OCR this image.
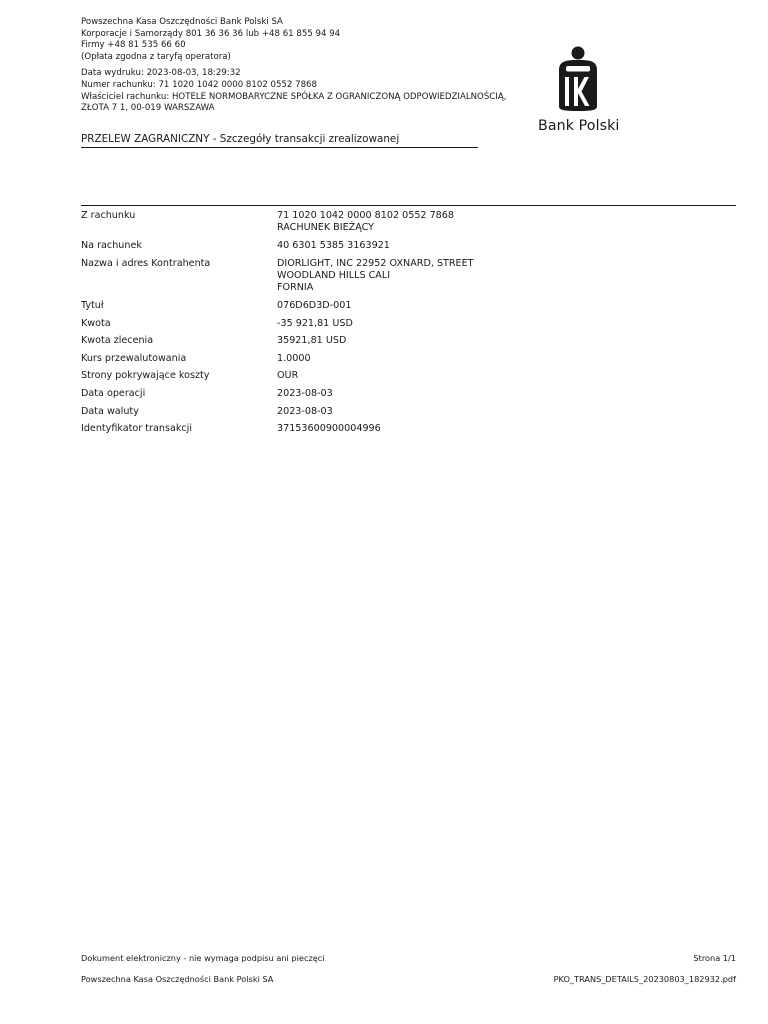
Powszechna Kasa Oszczędności Bank Polski SA
Korporacje i Samorządy 801 36 36 36 lub +48 61 855 94 94
Firmy +48 81 535 66 60
(Opłata zgodna z taryfą operatora)
Data wydruku: 2023-08-03, 18:29:32
Numer rachunku: 71 1020 1042 0000 8102 0552 7868
Właściciel rachunku: HOTELE NORMOBARYCZNE SPÓŁKA Z OGRANICZONĄ ODPOWIEDZIALNOŚCIĄ,
ZŁOTA 7 1, 00-019 WARSZAWA
Bank Polski
PRZELEW ZAGRANICZNY - Szczegóły transakcji zrealizowanej
Z rachunku	71 1020 1042 0000 8102 0552 7868
RACHUNEK BIEŻĄCY
Na rachunek	40 6301 5385 3163921
Nazwa i adres Kontrahenta	DIORLIGHT, INC 22952 OXNARD, STREET
WOODLAND HILLS CALI
FORNIA
Tytuł	076D6D3D-001
Kwota	-35 921,81 USD
Kwota zlecenia	35921,81 USD
Kurs przewalutowania	1.0000
Strony pokrywające koszty	OUR
Data operacji	2023-08-03
Data waluty	2023-08-03
Identyfikator transakcji	37153600900004996
Dokument elektroniczny - nie wymaga podpisu ani pieczęci	Strona 1/1
Powszechna Kasa Oszczędności Bank Polski SA	PKO_TRANS_DETAILS_20230803_182932.pdf
